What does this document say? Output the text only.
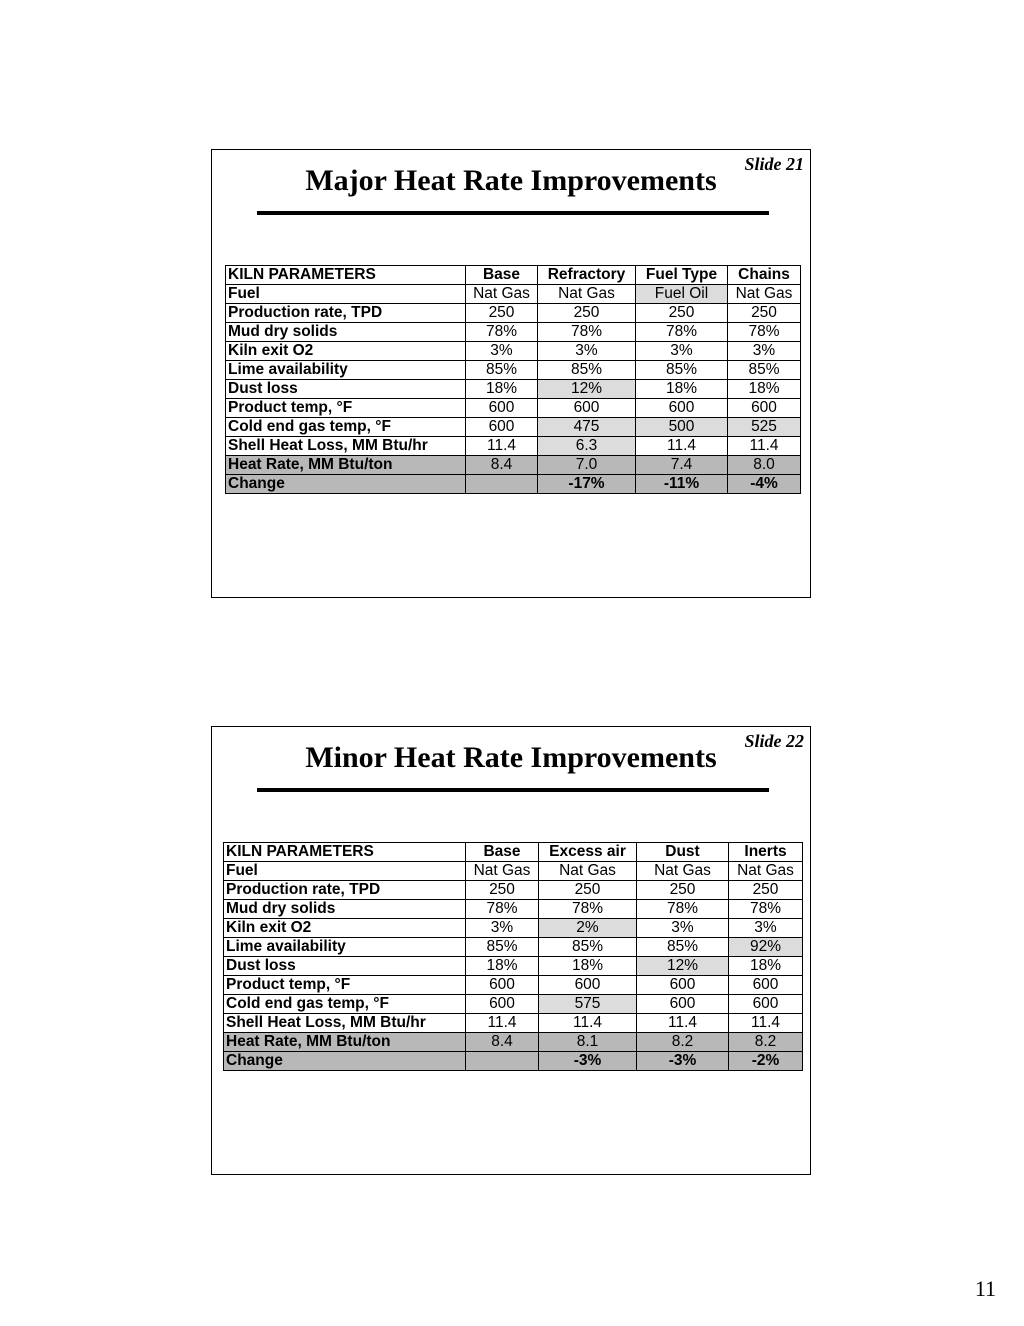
Slide 21
Major Heat Rate Improvements
KILN PARAMETERS	Base	Refractory	Fuel Type	Chains
Fuel	Nat Gas	Nat Gas	Fuel Oil	Nat Gas
Production rate, TPD	250	250	250	250
Mud dry solids	78%	78%	78%	78%
Kiln exit O2	3%	3%	3%	3%
Lime availability	85%	85%	85%	85%
Dust loss	18%	12%	18%	18%
Product temp, °F	600	600	600	600
Cold end gas temp, °F	600	475	500	525
Shell Heat Loss, MM Btu/hr	11.4	6.3	11.4	11.4
Heat Rate, MM Btu/ton	8.4	7.0	7.4	8.0
Change		-17%	-11%	-4%
Slide 22
Minor Heat Rate Improvements
KILN PARAMETERS	Base	Excess air	Dust	Inerts
Fuel	Nat Gas	Nat Gas	Nat Gas	Nat Gas
Production rate, TPD	250	250	250	250
Mud dry solids	78%	78%	78%	78%
Kiln exit O2	3%	2%	3%	3%
Lime availability	85%	85%	85%	92%
Dust loss	18%	18%	12%	18%
Product temp, °F	600	600	600	600
Cold end gas temp, °F	600	575	600	600
Shell Heat Loss, MM Btu/hr	11.4	11.4	11.4	11.4
Heat Rate, MM Btu/ton	8.4	8.1	8.2	8.2
Change		-3%	-3%	-2%
11
